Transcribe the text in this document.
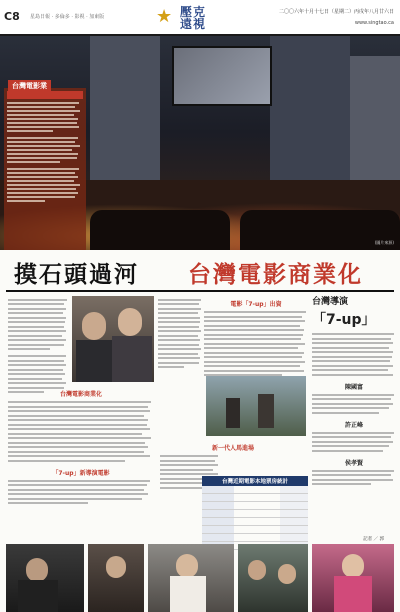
C8 星島日報 · 多倫多 · 影視 · 加東版	★ 壓克遠視
二〇〇六年十月十七日（星期二）丙戌年八月廿六日
www.singtao.ca
台灣電影業
(圖片來源)
摸石頭過河 台灣電影商業化
台灣電影商業化
「7-up」新導演電影
電影「7-up」出資
新一代人馬進場
台灣近期電影本地票房統計
台灣導演
「7-up」
陳國富
許正峰
侯孝賢
記者 ／ 郭
